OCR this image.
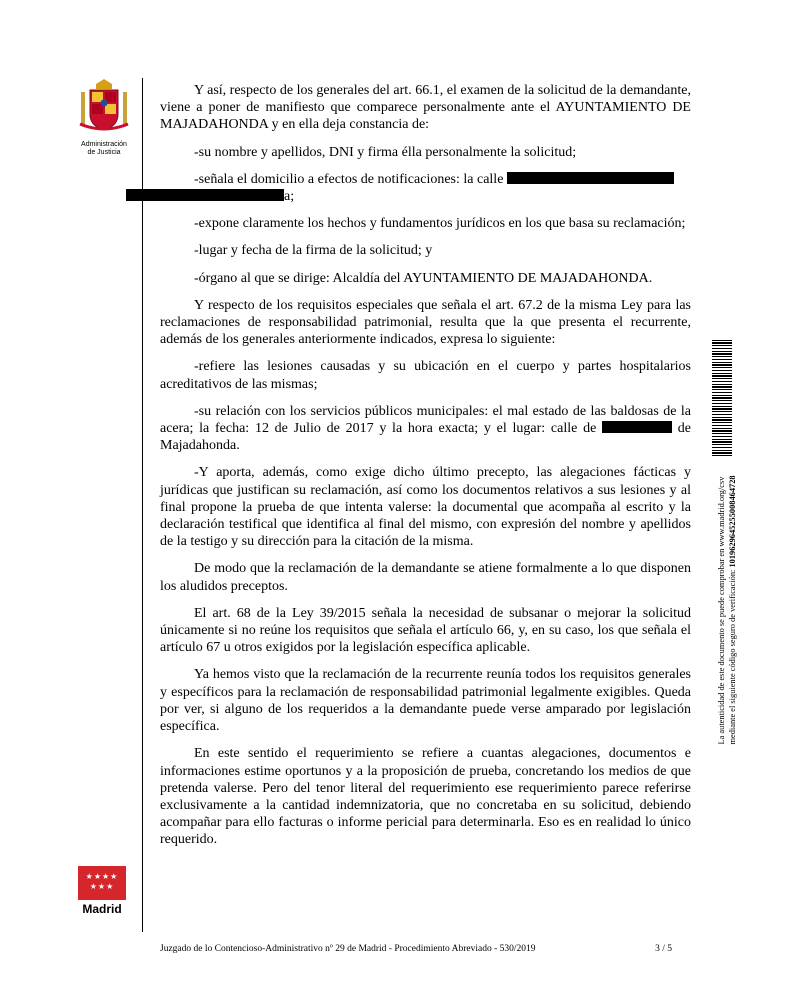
Administración
de Justicia

Y así, respecto de los generales del art. 66.1, el examen de la solicitud de la demandante, viene a poner de manifiesto que comparece personalmente ante el AYUNTAMIENTO DE MAJADAHONDA y en ella deja constancia de:

-su nombre y apellidos, DNI y firma élla personalmente la solicitud;

-señala el domicilio a efectos de notificaciones: la calle
a;

-expone claramente los hechos y fundamentos jurídicos en los que basa su reclamación;

-lugar y fecha de la firma de la solicitud; y

-órgano al que se dirige: Alcaldía del AYUNTAMIENTO DE MAJADAHONDA.

Y respecto de los requisitos especiales que señala el art. 67.2 de la misma Ley para las reclamaciones de responsabilidad patrimonial, resulta que la que presenta el recurrente, además de los generales anteriormente indicados, expresa lo siguiente:

-refiere las lesiones causadas y su ubicación en el cuerpo y partes hospitalarios acreditativos de las mismas;

-su relación con los servicios públicos municipales: el mal estado de las baldosas de la acera; la fecha: 12 de Julio de 2017 y la hora exacta; y el lugar: calle de	de Majadahonda.

-Y aporta, además, como exige dicho último precepto, las alegaciones fácticas y jurídicas que justifican su reclamación, así como los documentos relativos a sus lesiones y al final propone la prueba de que intenta valerse: la documental que acompaña al escrito y la declaración testifical que identifica al final del mismo, con expresión del nombre y apellidos de la testigo y su dirección para la citación de la misma.

De modo que la reclamación de la demandante se atiene formalmente a lo que disponen los aludidos preceptos.

El art. 68 de la Ley 39/2015 señala la necesidad de subsanar o mejorar la solicitud únicamente si no reúne los requisitos que señala el artículo 66, y, en su caso, los que señala el artículo 67 u otros exigidos por la legislación específica aplicable.

Ya hemos visto que la reclamación de la recurrente reunía todos los requisitos generales y específicos para la reclamación de responsabilidad patrimonial legalmente exigibles. Queda por ver, si alguno de los requeridos a la demandante puede verse amparado por legislación específica.

En este sentido el requerimiento se refiere a cuantas alegaciones, documentos e informaciones estime oportunos y a la proposición de prueba, concretando los medios de que pretenda valerse. Pero del tenor literal del requerimiento ese requerimiento parece referirse exclusivamente a la cantidad indemnizatoria, que no concretaba en su solicitud, debiendo acompañar para ello facturas o informe pericial para determinarla. Eso es en realidad lo único requerido.

La autenticidad de este documento se puede comprobar en www.madrid.org/csv mediante el siguiente código seguro de verificación: 1019629645255008464728
★★★★
★★★
Madrid
Juzgado de lo Contencioso-Administrativo nº 29 de Madrid - Procedimiento Abreviado - 530/2019	3 / 5
